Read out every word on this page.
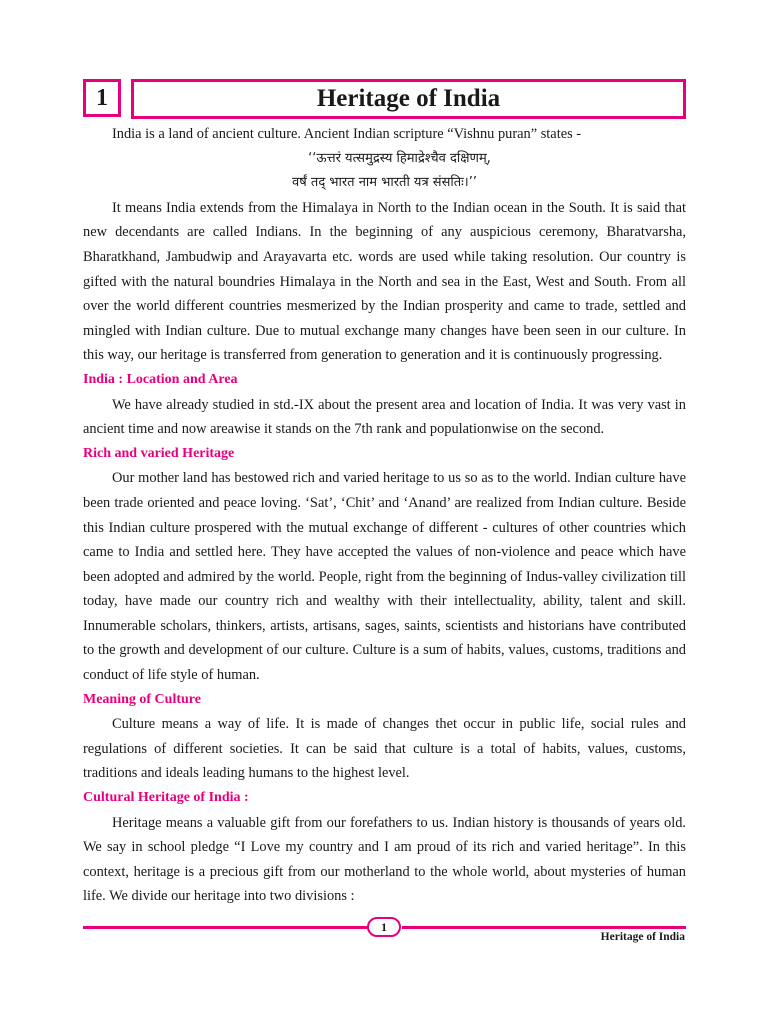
1	Heritage of India

India is a land of ancient culture. Ancient Indian scripture “Vishnu puran” states -

‘‘ऊत्तरं यत्समुद्रस्य हिमाद्रेश्चैव दक्षिणम्,
वर्षं तद् भारत नाम भारती यत्र संसतिः।’’

It means India extends from the Himalaya in North to the Indian ocean in the South. It is said that new decendants are called Indians. In the beginning of any auspicious ceremony, Bharatvarsha, Bharatkhand, Jambudwip and Arayavarta etc. words are used while taking resolution. Our country is gifted with the natural boundries Himalaya in the North and sea in the East, West and South. From all over the world different countries mesmerized by the Indian prosperity and came to trade, settled and mingled with Indian culture. Due to mutual exchange many changes have been seen in our culture. In this way, our heritage is transferred from generation to generation and it is continuously progressing.

India : Location and Area

We have already studied in std.-IX about the present area and location of India. It was very vast in ancient time and now areawise it stands on the 7th rank and populationwise on the second.

Rich and varied Heritage

Our mother land has bestowed rich and varied heritage to us so as to the world. Indian culture have been trade oriented and peace loving. ‘Sat’, ‘Chit’ and ‘Anand’ are realized from Indian culture. Beside this Indian culture prospered with the mutual exchange of different - cultures of other countries which came to India and settled here. They have accepted the values of non-violence and peace which have been adopted and admired by the world. People, right from the beginning of Indus-valley civilization till today, have made our country rich and wealthy with their intellectuality, ability, talent and skill. Innumerable scholars, thinkers, artists, artisans, sages, saints, scientists and historians have contributed to the growth and development of our culture. Culture is a sum of habits, values, customs, traditions and conduct of life style of human.

Meaning of Culture

Culture means a way of life. It is made of changes thet occur in public life, social rules and regulations of different societies. It can be said that culture is a total of habits, values, customs, traditions and ideals leading humans to the highest level.

Cultural Heritage of India :

Heritage means a valuable gift from our forefathers to us. Indian history is thousands of years old. We say in school pledge “I Love my country and I am proud of its rich and varied heritage”. In this context, heritage is a precious gift from our motherland to the whole world, about mysteries of human life. We divide our heritage into two divisions :

1
Heritage of India
